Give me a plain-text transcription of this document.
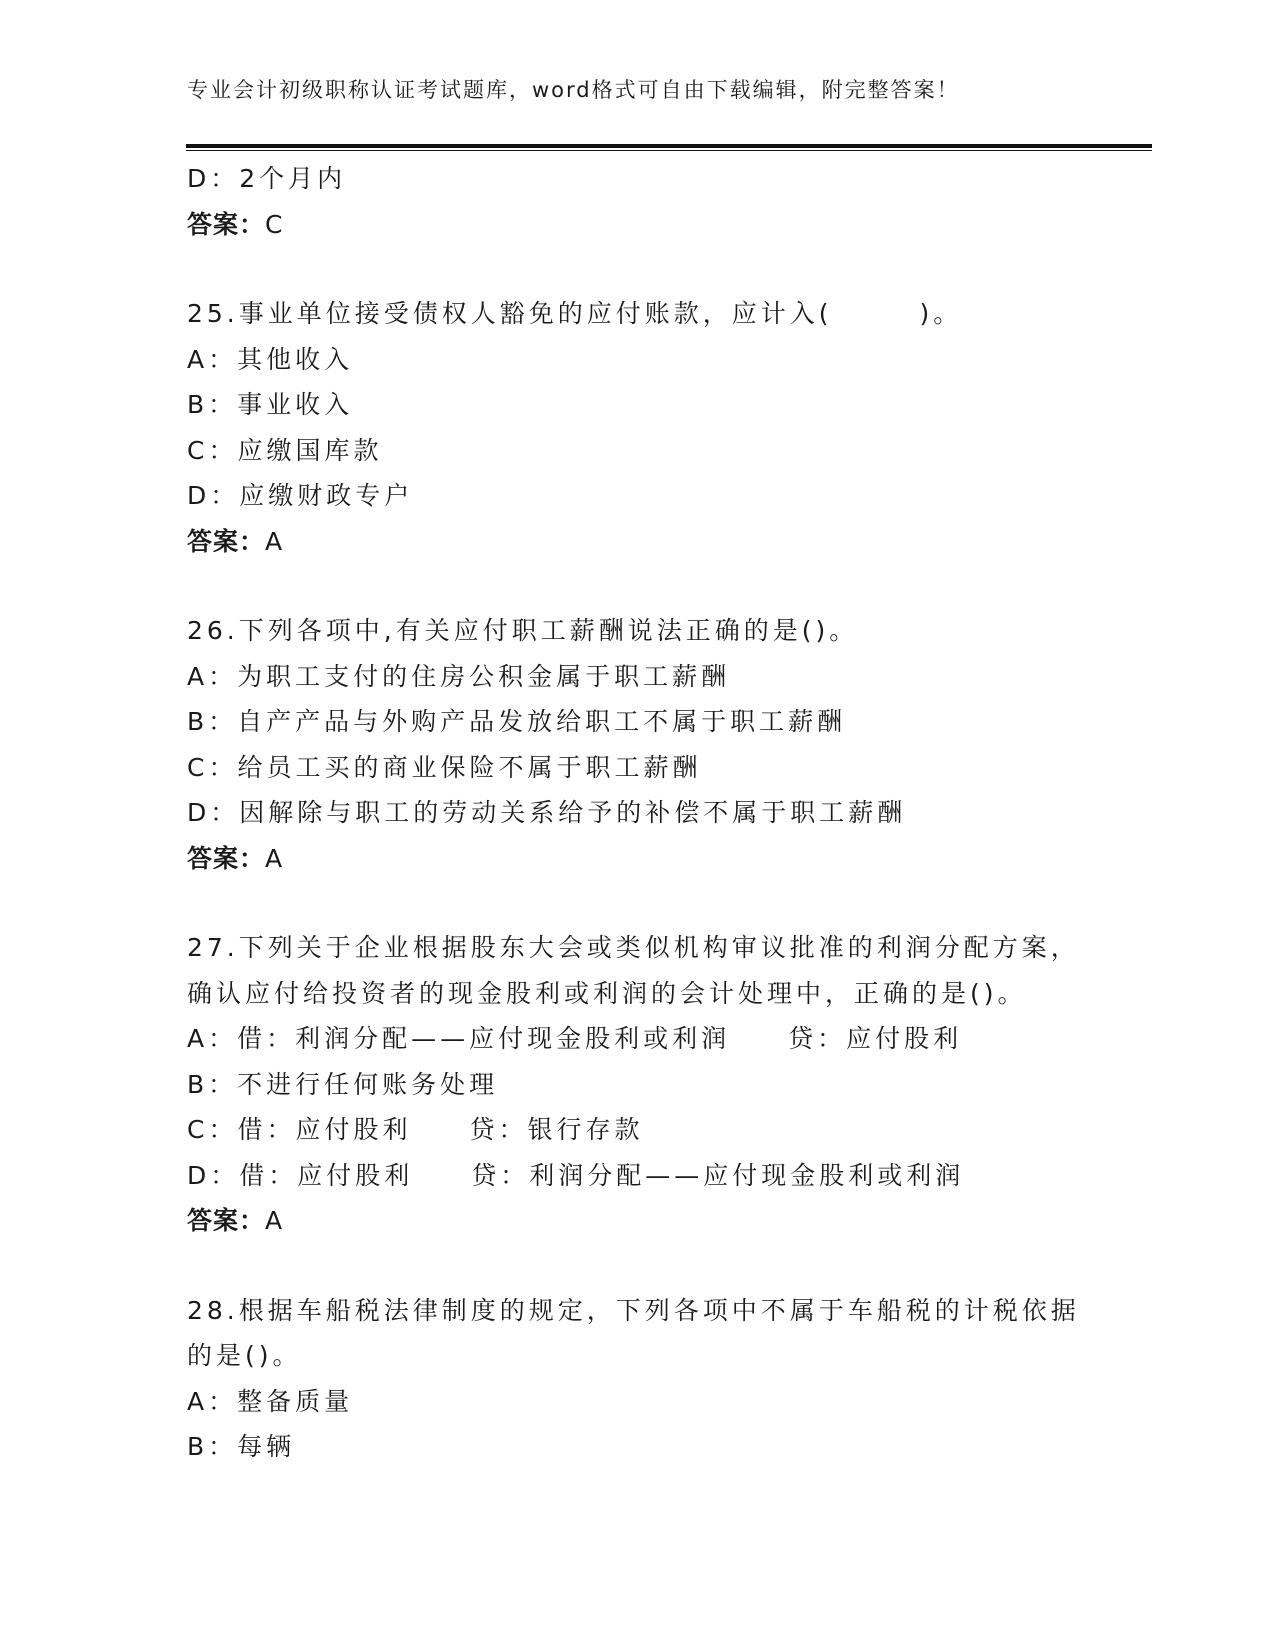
专业会计初级职称认证考试题库，word格式可自由下载编辑，附完整答案！
D：2个月内
答案：C
25.事业单位接受债权人豁免的应付账款，应计入(　　　)。
A：其他收入
B：事业收入
C：应缴国库款
D：应缴财政专户
答案：A
26.下列各项中,有关应付职工薪酬说法正确的是()。
A：为职工支付的住房公积金属于职工薪酬
B：自产产品与外购产品发放给职工不属于职工薪酬
C：给员工买的商业保险不属于职工薪酬
D：因解除与职工的劳动关系给予的补偿不属于职工薪酬
答案：A
27.下列关于企业根据股东大会或类似机构审议批准的利润分配方案，
确认应付给投资者的现金股利或利润的会计处理中，正确的是()。
A：借：利润分配——应付现金股利或利润　　贷：应付股利
B：不进行任何账务处理
C：借：应付股利　　贷：银行存款
D：借：应付股利　　贷：利润分配——应付现金股利或利润
答案：A
28.根据车船税法律制度的规定，下列各项中不属于车船税的计税依据
的是()。
A：整备质量
B：每辆
